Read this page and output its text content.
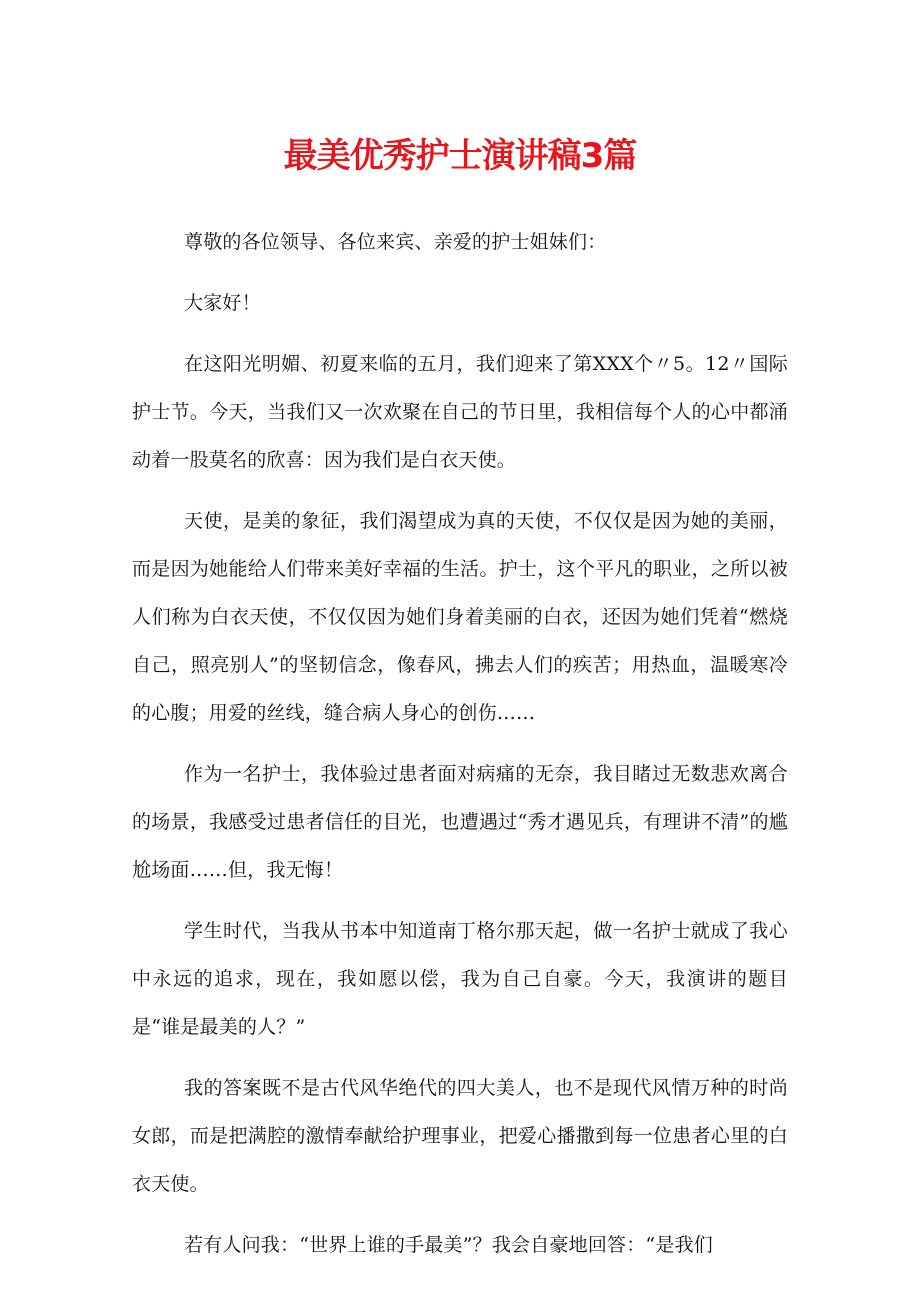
最美优秀护士演讲稿3篇

尊敬的各位领导、各位来宾、亲爱的护士姐妹们：

大家好！

在这阳光明媚、初夏来临的五月，我们迎来了第XXX个〃5。12〃国际护士节。今天，当我们又一次欢聚在自己的节日里，我相信每个人的心中都涌动着一股莫名的欣喜：因为我们是白衣天使。

天使，是美的象征，我们渴望成为真的天使，不仅仅是因为她的美丽，而是因为她能给人们带来美好幸福的生活。护士，这个平凡的职业，之所以被人们称为白衣天使，不仅仅因为她们身着美丽的白衣，还因为她们凭着“燃烧自己，照亮别人”的坚韧信念，像春风，拂去人们的疾苦；用热血，温暖寒冷的心腹；用爱的丝线，缝合病人身心的创伤……

作为一名护士，我体验过患者面对病痛的无奈，我目睹过无数悲欢离合的场景，我感受过患者信任的目光，也遭遇过“秀才遇见兵，有理讲不清”的尴尬场面……但，我无悔！

学生时代，当我从书本中知道南丁格尔那天起，做一名护士就成了我心中永远的追求，现在，我如愿以偿，我为自己自豪。今天，我演讲的题目是“谁是最美的人？”

我的答案既不是古代风华绝代的四大美人，也不是现代风情万种的时尚女郎，而是把满腔的激情奉献给护理事业，把爱心播撒到每一位患者心里的白衣天使。

若有人问我：“世界上谁的手最美”？我会自豪地回答：“是我们
